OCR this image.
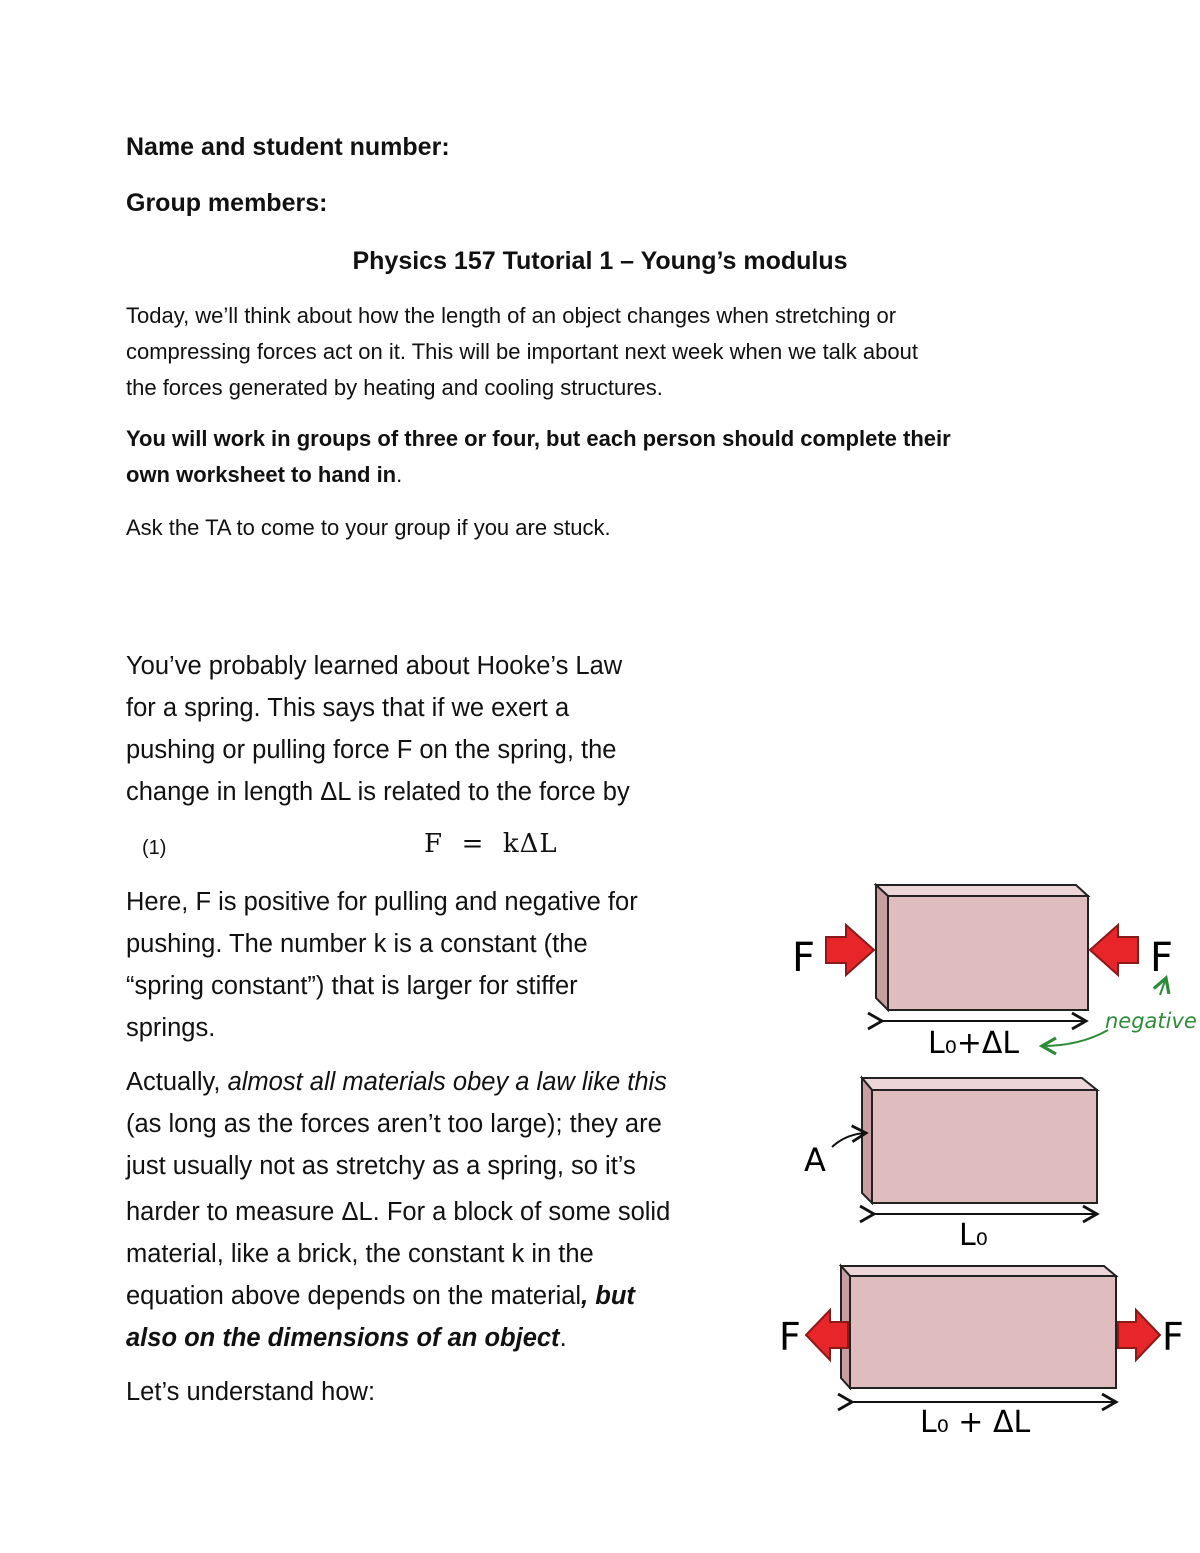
Name and student number:

Group members:

Physics 157 Tutorial 1 – Young’s modulus

Today, we’ll think about how the length of an object changes when stretching or
compressing forces act on it. This will be important next week when we talk about
the forces generated by heating and cooling structures.
You will work in groups of three or four, but each person should complete their
own worksheet to hand in.

Ask the TA to come to your group if you are stuck.

You’ve probably learned about Hooke’s Law
for a spring. This says that if we exert a
pushing or pulling force F on the spring, the
change in length ΔL is related to the force by
(1)	F  =  kΔL
Here, F is positive for pulling and negative for
pushing. The number k is a constant (the
“spring constant”) that is larger for stiffer
springs.
Actually, almost all materials obey a law like this
(as long as the forces aren’t too large); they are
just usually not as stretchy as a spring, so it’s
harder to measure ΔL. For a block of some solid
material, like a brick, the constant k in the
equation above depends on the material, but
also on the dimensions of an object.

Let’s understand how:

F	F
L₀+ΔL
negative
A
L₀
F	F
L₀ + ΔL
